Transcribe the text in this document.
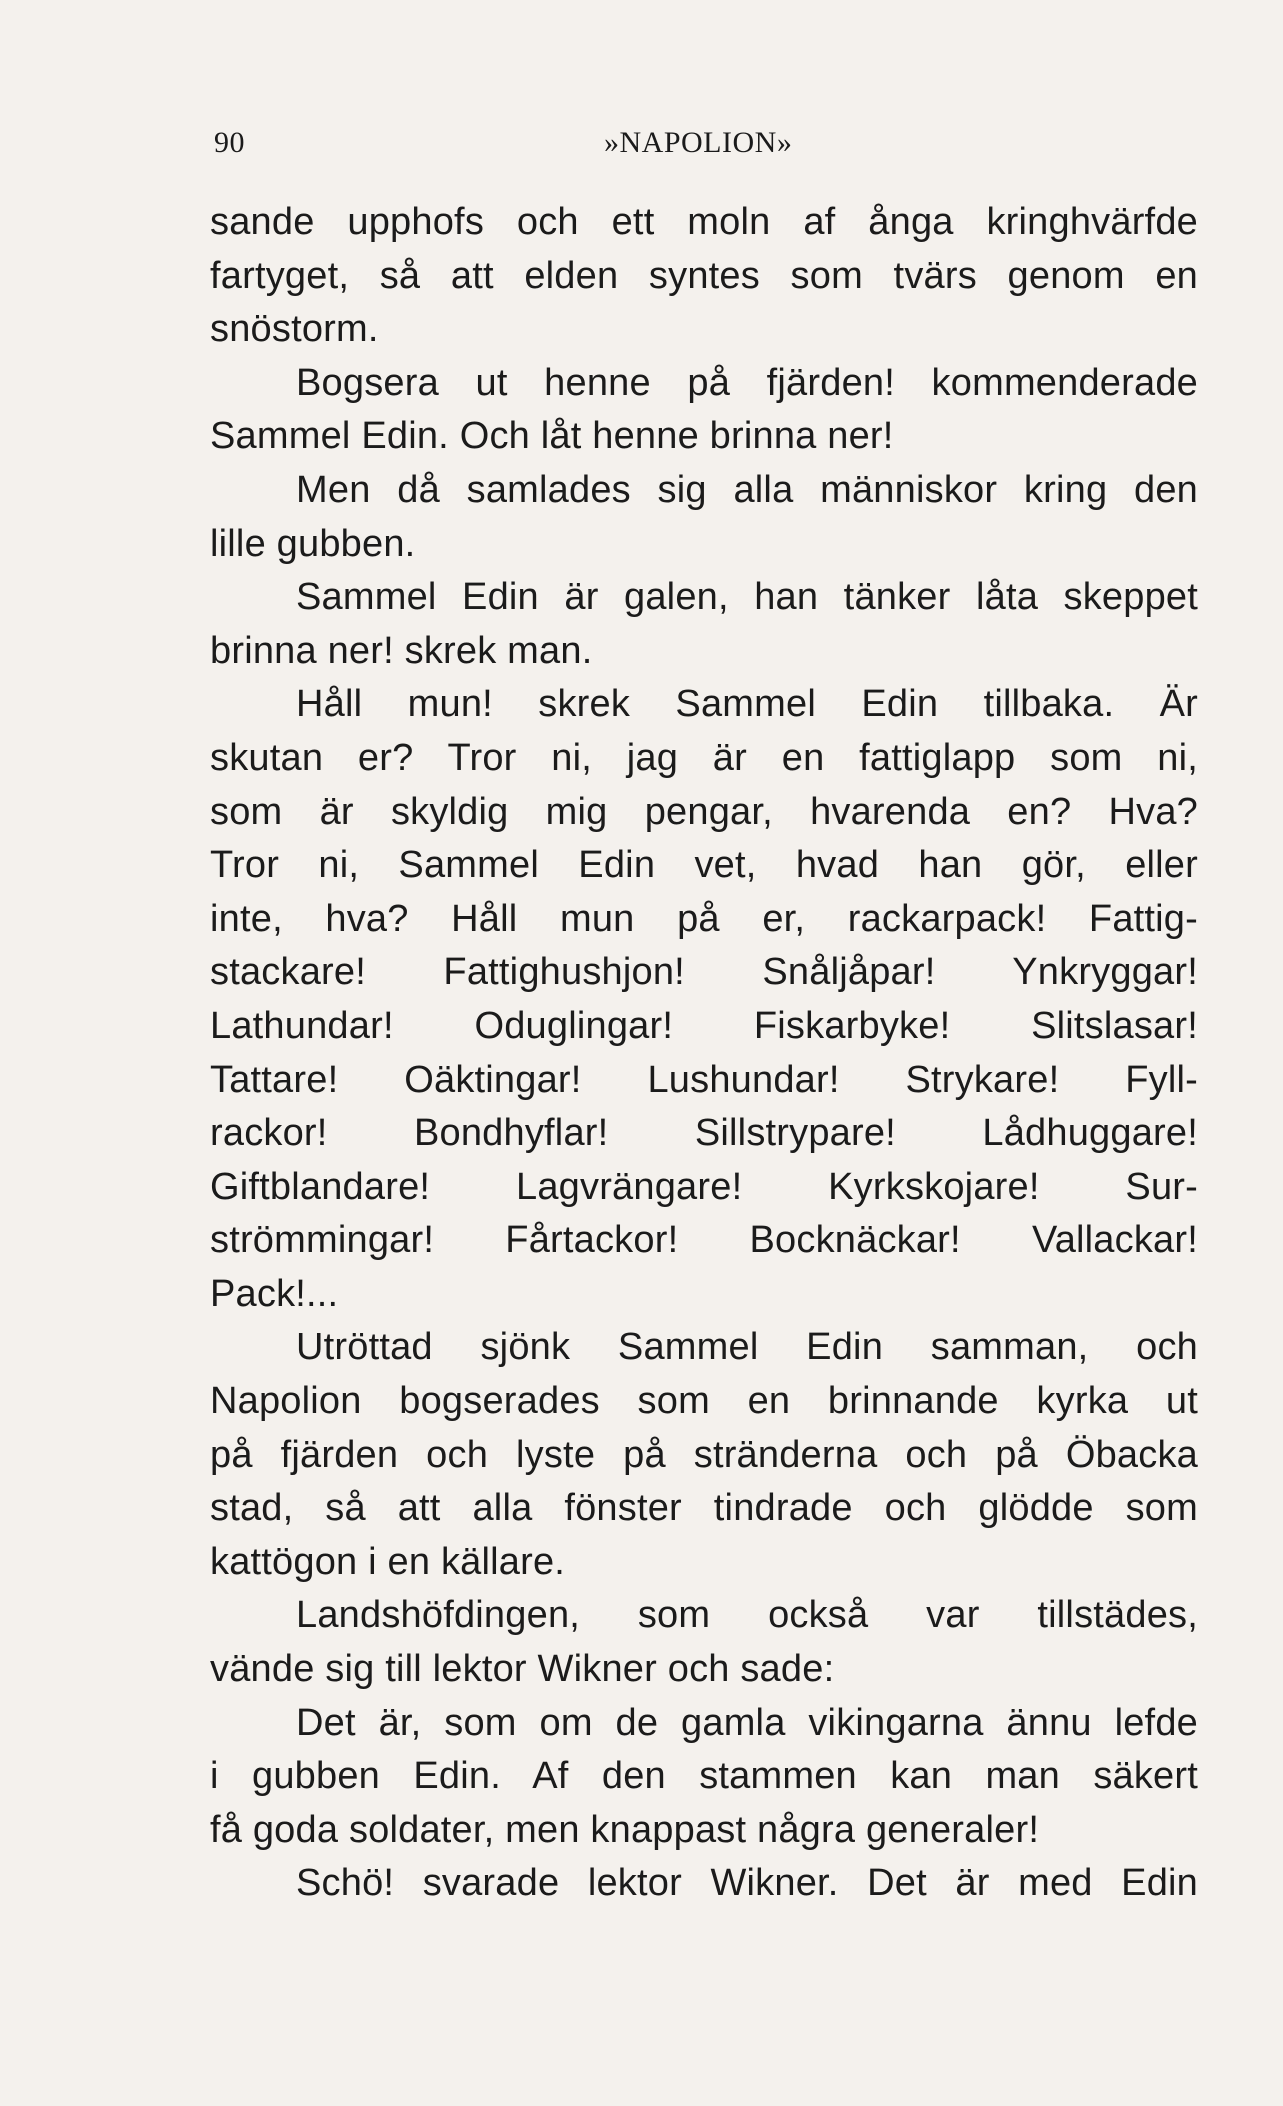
90	»NAPOLION»
sande upphofs och ett moln af ånga kringhvärfde
fartyget, så att elden syntes som tvärs genom en
snöstorm.
Bogsera ut henne på fjärden! kommenderade
Sammel Edin. Och låt henne brinna ner!
Men då samlades sig alla människor kring den
lille gubben.
Sammel Edin är galen, han tänker låta skeppet
brinna ner! skrek man.
Håll mun! skrek Sammel Edin tillbaka. Är
skutan er? Tror ni, jag är en fattiglapp som ni,
som är skyldig mig pengar, hvarenda en? Hva?
Tror ni, Sammel Edin vet, hvad han gör, eller
inte, hva? Håll mun på er, rackarpack! Fattig-
stackare! Fattighushjon! Snåljåpar! Ynkryggar!
Lathundar! Oduglingar! Fiskarbyke! Slitslasar!
Tattare! Oäktingar! Lushundar! Strykare! Fyll-
rackor! Bondhyflar! Sillstrypare! Lådhuggare!
Giftblandare! Lagvrängare! Kyrkskojare! Sur-
strömmingar! Fårtackor! Bocknäckar! Vallackar!
Pack!...
Utröttad sjönk Sammel Edin samman, och
Napolion bogserades som en brinnande kyrka ut
på fjärden och lyste på stränderna och på Öbacka
stad, så att alla fönster tindrade och glödde som
kattögon i en källare.
Landshöfdingen, som också var tillstädes,
vände sig till lektor Wikner och sade:
Det är, som om de gamla vikingarna ännu lefde
i gubben Edin. Af den stammen kan man säkert
få goda soldater, men knappast några generaler!
Schö! svarade lektor Wikner. Det är med Edin
